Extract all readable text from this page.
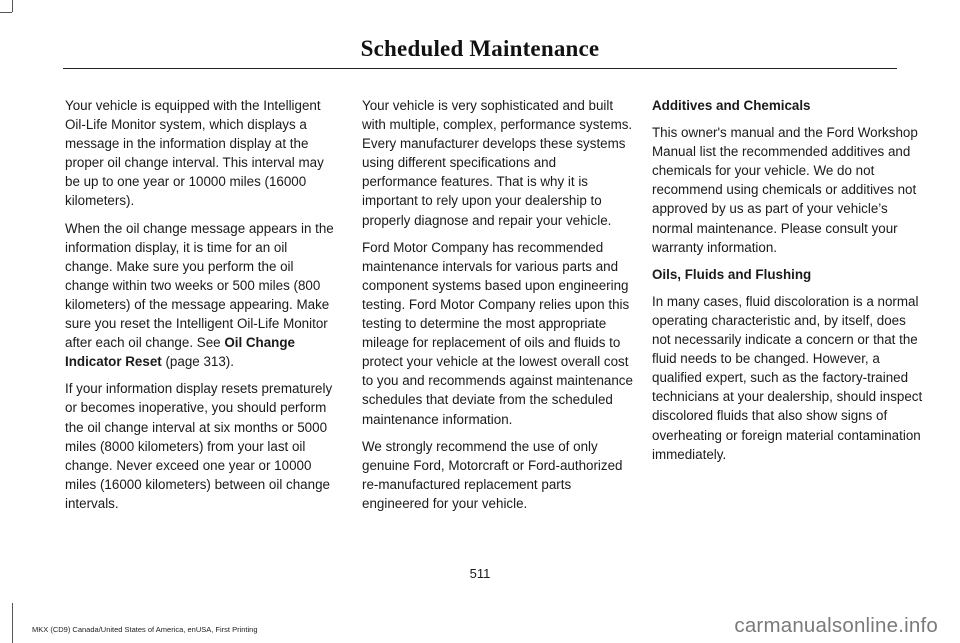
Scheduled Maintenance

Your vehicle is equipped with the Intelligent Oil-Life Monitor system, which displays a message in the information display at the proper oil change interval. This interval may be up to one year or 10000 miles (16000 kilometers).

When the oil change message appears in the information display, it is time for an oil change. Make sure you perform the oil change within two weeks or 500 miles (800 kilometers) of the message appearing. Make sure you reset the Intelligent Oil-Life Monitor after each oil change. See Oil Change Indicator Reset (page 313).

If your information display resets prematurely or becomes inoperative, you should perform the oil change interval at six months or 5000 miles (8000 kilometers) from your last oil change. Never exceed one year or 10000 miles (16000 kilometers) between oil change intervals.

Your vehicle is very sophisticated and built with multiple, complex, performance systems. Every manufacturer develops these systems using different specifications and performance features. That is why it is important to rely upon your dealership to properly diagnose and repair your vehicle.

Ford Motor Company has recommended maintenance intervals for various parts and component systems based upon engineering testing. Ford Motor Company relies upon this testing to determine the most appropriate mileage for replacement of oils and fluids to protect your vehicle at the lowest overall cost to you and recommends against maintenance schedules that deviate from the scheduled maintenance information.

We strongly recommend the use of only genuine Ford, Motorcraft or Ford-authorized re-manufactured replacement parts engineered for your vehicle.

Additives and Chemicals

This owner's manual and the Ford Workshop Manual list the recommended additives and chemicals for your vehicle. We do not recommend using chemicals or additives not approved by us as part of your vehicle’s normal maintenance. Please consult your warranty information.

Oils, Fluids and Flushing

In many cases, fluid discoloration is a normal operating characteristic and, by itself, does not necessarily indicate a concern or that the fluid needs to be changed. However, a qualified expert, such as the factory-trained technicians at your dealership, should inspect discolored fluids that also show signs of overheating or foreign material contamination immediately.

511
MKX (CD9) Canada/United States of America, enUSA, First Printing	carmanualsonline.info
